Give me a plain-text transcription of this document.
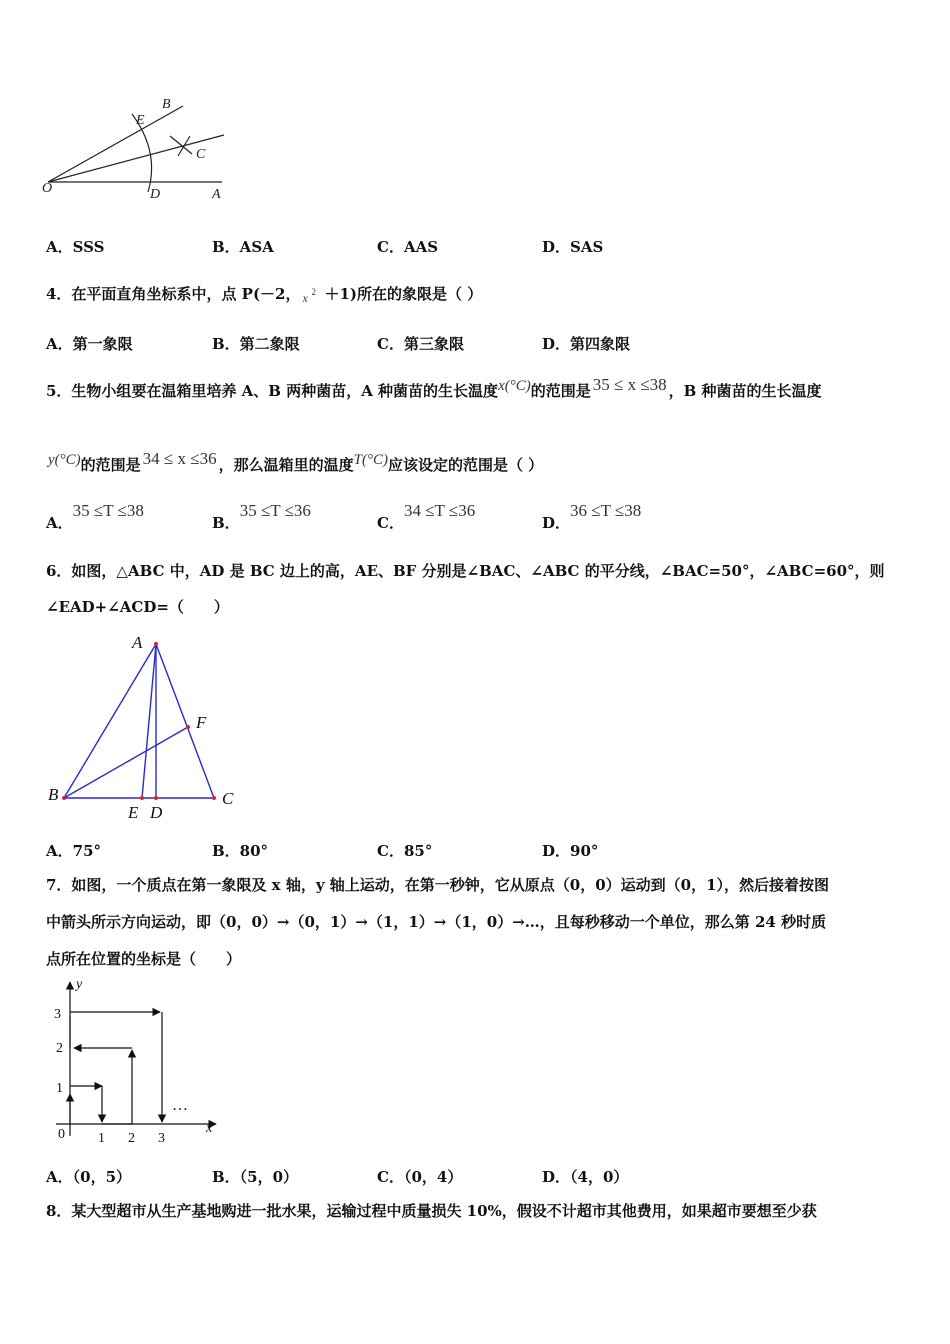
O
E
B
C
D	A
A．SSS	B．ASA	C．AAS	D．SAS
4．在平面直角坐标系中，点 P(－2， x 2 ＋1)所在的象限是（ ）
A．第一象限	B．第二象限	C．第三象限	D．第四象限
5．生物小组要在温箱里培养 A、B 两种菌苗，A 种菌苗的生长温度x(°C)的范围是 35 ≤ x ≤38 ，B 种菌苗的生长温度
y(°C)的范围是 34 ≤ x ≤36 ，那么温箱里的温度T(°C)应该设定的范围是（ ）
A．35 ≤T ≤38
B．35 ≤T ≤36
C．34 ≤T ≤36
D．36 ≤T ≤38
6．如图，△ABC 中，AD 是 BC 边上的高，AE、BF 分别是∠BAC、∠ABC 的平分线，∠BAC=50°，∠ABC=60°，则
∠EAD+∠ACD=（　　）
A
B	C
E D
F
A．75°	B．80°	C．85°	D．90°
7．如图，一个质点在第一象限及 x 轴，y 轴上运动，在第一秒钟，它从原点（0，0）运动到（0，1），然后接着按图
中箭头所示方向运动，即（0，0）→（0，1）→（1，1）→（1，0）→…，且每秒移动一个单位，那么第 24 秒时质
点所在位置的坐标是（　　）
y
x
0 1 2 3
1
2
3
…
A．（0，5）	B．（5，0）	C．（0，4）	D．（4，0）
8．某大型超市从生产基地购进一批水果，运输过程中质量损失 10%，假设不计超市其他费用，如果超市要想至少获
